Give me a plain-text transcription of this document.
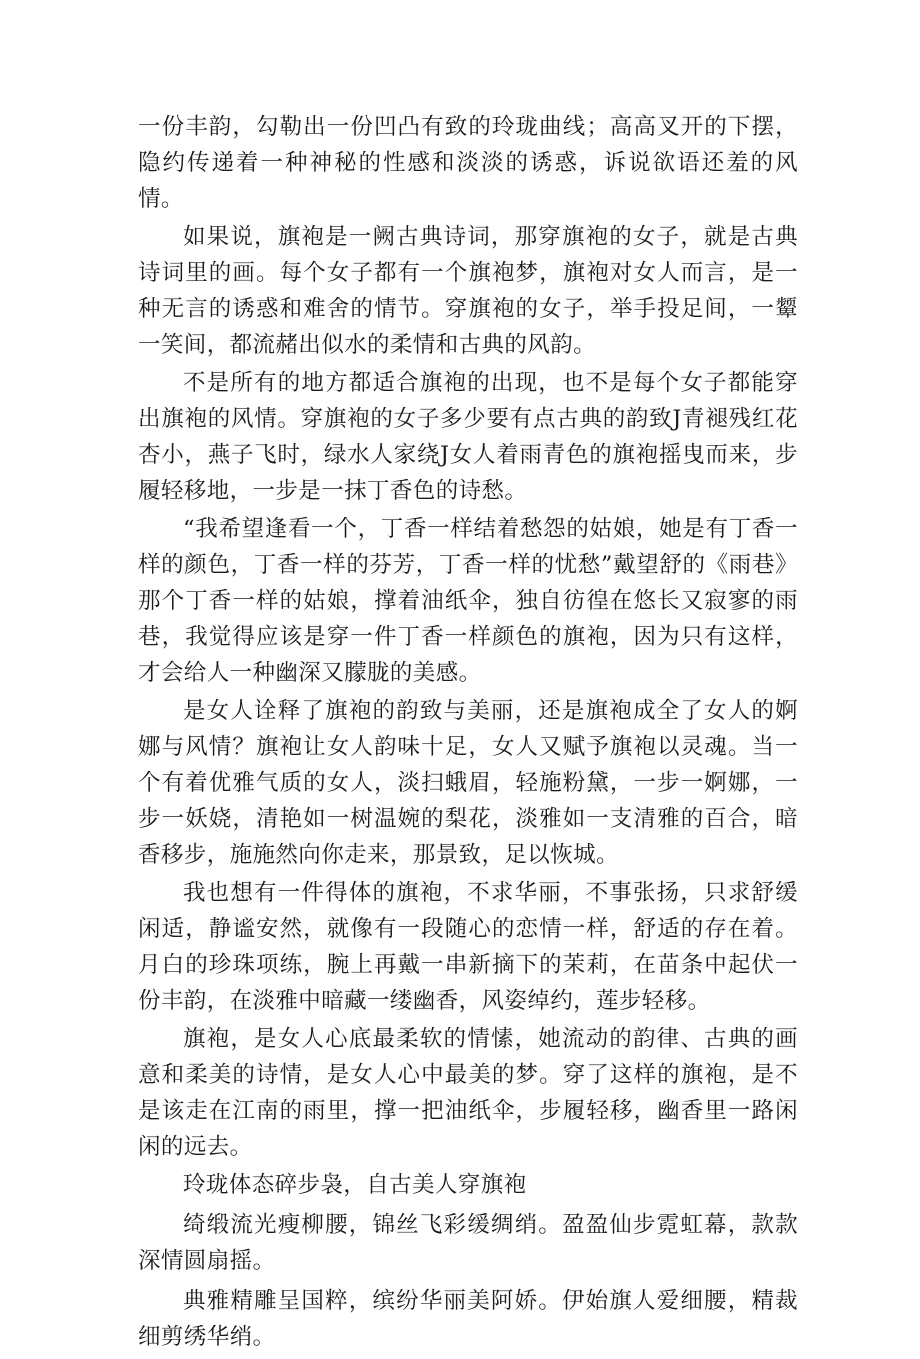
一份丰韵，勾勒出一份凹凸有致的玲珑曲线；高高叉开的下摆，隐约传递着一种神秘的性感和淡淡的诱惑，诉说欲语还羞的风情。

如果说，旗袍是一阙古典诗词，那穿旗袍的女子，就是古典诗词里的画。每个女子都有一个旗袍梦，旗袍对女人而言，是一种无言的诱惑和难舍的情节。穿旗袍的女子，举手投足间，一颦一笑间，都流赭出似水的柔情和古典的风韵。

不是所有的地方都适合旗袍的出现，也不是每个女子都能穿出旗袍的风情。穿旗袍的女子多少要有点古典的韵致J青褪残红花杏小，燕子飞时，绿水人家绕J女人着雨青色的旗袍摇曳而来，步履轻移地，一步是一抹丁香色的诗愁。

“我希望逢看一个，丁香一样结着愁怨的姑娘，她是有丁香一样的颜色，丁香一样的芬芳，丁香一样的忧愁”戴望舒的《雨巷》那个丁香一样的姑娘，撑着油纸伞，独自彷徨在悠长又寂寥的雨巷，我觉得应该是穿一件丁香一样颜色的旗袍，因为只有这样，才会给人一种幽深又朦胧的美感。

是女人诠释了旗袍的韵致与美丽，还是旗袍成全了女人的婀娜与风情？旗袍让女人韵味十足，女人又赋予旗袍以灵魂。当一个有着优雅气质的女人，淡扫蛾眉，轻施粉黛，一步一婀娜，一步一妖娆，清艳如一树温婉的梨花，淡雅如一支清雅的百合，暗香移步，施施然向你走来，那景致，足以恢城。

我也想有一件得体的旗袍，不求华丽，不事张扬，只求舒缓闲适，静谧安然，就像有一段随心的恋情一样，舒适的存在着。月白的珍珠项练，腕上再戴一串新摘下的茉莉，在苗条中起伏一份丰韵，在淡雅中暗藏一缕幽香，风姿绰约，莲步轻移。

旗袍，是女人心底最柔软的情愫，她流动的韵律、古典的画意和柔美的诗情，是女人心中最美的梦。穿了这样的旗袍，是不是该走在江南的雨里，撑一把油纸伞，步履轻移，幽香里一路闲闲的远去。

玲珑体态碎步袅，自古美人穿旗袍

绮缎流光瘦柳腰，锦丝飞彩缓绸绡。盈盈仙步霓虹幕，款款深情圆扇摇。

典雅精雕呈国粹，缤纷华丽美阿娇。伊始旗人爱细腰，精裁细剪绣华绡。
